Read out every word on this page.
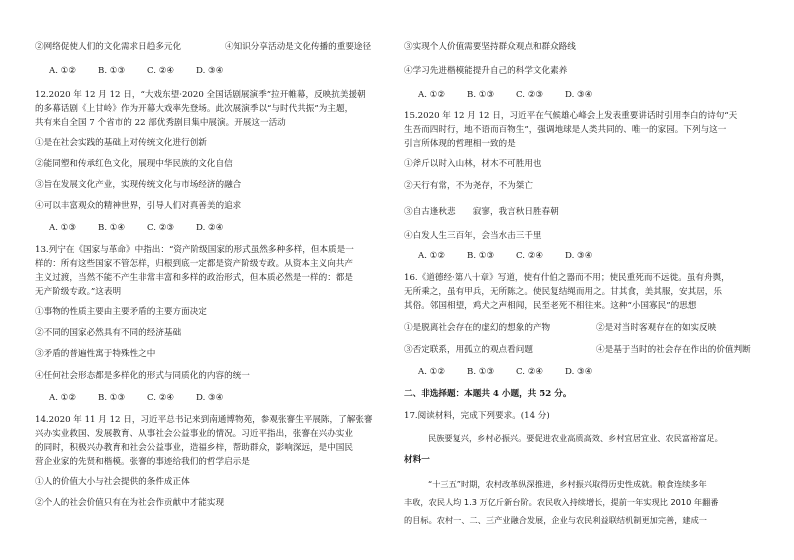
②网络促使人们的文化需求日趋多元化	④知识分享活动是文化传播的重要途径
A. ①②	B. ①③	C. ②④	D. ③④
12.2020 年 12 月 12 日，“大戏东望·2020 全国话剧展演季”拉开帷幕，反映抗美援朝
的多幕话剧《上甘岭》作为开幕大戏率先登场。此次展演季以“与时代共振”为主题，
共有来自全国 7 个省市的 22 部优秀剧目集中展演。开展这一活动
①是在社会实践的基础上对传统文化进行创新
②能同塑和传承红色文化，展现中华民族的文化自信
③旨在发展文化产业，实现传统文化与市场经济的融合
④可以丰富观众的精神世界，引导人们对真善美的追求
A. ①③	B. ①④	C. ②③	D. ②④
13.列宁在《国家与革命》中指出：“资产阶级国家的形式虽然多种多样，但本质是一
样的：所有这些国家不管怎样，归根到底一定都是资产阶级专政。从资本主义向共产
主义过渡，当然不能不产生非常丰富和多样的政治形式，但本质必然是一样的：都是
无产阶级专政。”这表明
①事物的性质主要由主要矛盾的主要方面决定
②不同的国家必然具有不同的经济基础
③矛盾的普遍性寓于特殊性之中
④任何社会形态都是多样化的形式与同质化的内容的统一
A. ①②	B. ①③	C. ②④	D. ③④
14.2020 年 11 月 12 日，习近平总书记来到南通博物苑，参观张謇生平展陈，了解张謇
兴办实业救国、发展教育、从事社会公益事业的情况。习近平指出，张謇在兴办实业
的同时，积极兴办教育和社会公益事业，造福乡梓，帮助群众，影响深远，是中国民
营企业家的先贤和楷模。张謇的事迹给我们的哲学启示是
①人的价值大小与社会提供的条件成正体
②个人的社会价值只有在为社会作贡献中才能实现
③实现个人价值需要坚持群众观点和群众路线
④学习先进楷模能提升自己的科学文化素养
A. ①②	B. ①③	C. ②③	D. ③④
15.2020 年 12 月 12 日，习近平在气候雄心峰会上发表重要讲话时引用李白的诗句“天
生吾而四时行，地不语而百物生”，强调地球是人类共同的、唯一的家园。下列与这一
引言所体现的哲理相一致的是
①斧斤以时入山林，材木不可胜用也
②天行有常，不为尧存，不为桀亡
③自古逢秋悲　　寂寥，我言秋日胜春朝
④白发人生三百年，会当水击三千里
A. ①②	B. ①③	C. ②④	D. ③④
16.《道德经·第八十章》写道，使有什伯之器而不用；使民重死而不远徙。虽有舟舆，
无所乘之，虽有甲兵，无所陈之。使民复结绳而用之。甘其食，美其服，安其居，乐
其俗。邻国相望，鸡犬之声相闻，民至老死不相往来。这种“小国寡民”的思想
①是脱离社会存在的虚幻的想象的产物	②是对当时客观存在的如实反映
③否定联系，用孤立的观点看问题	④是基于当时的社会存在作出的价值判断
A. ①②	B. ①③	C. ②④	D. ③④
二、非选择题：本题共 4 小题，共 52 分。
17.阅读材料，完成下列要求。(14 分)
民族要复兴，乡村必振兴。要促进农业高质高效、乡村宜居宜业、农民富裕富足。
材料一
“十三五”时期，农村改革纵深推进，乡村振兴取得历史性成就。粮食连续多年
丰收，农民人均 1.3 万亿斤新台阶。农民收入持续增长，提前一年实现比 2010 年翻番
的目标。农村一、二、三产业融合发展，企业与农民利益联结机制更加完善，建成一
